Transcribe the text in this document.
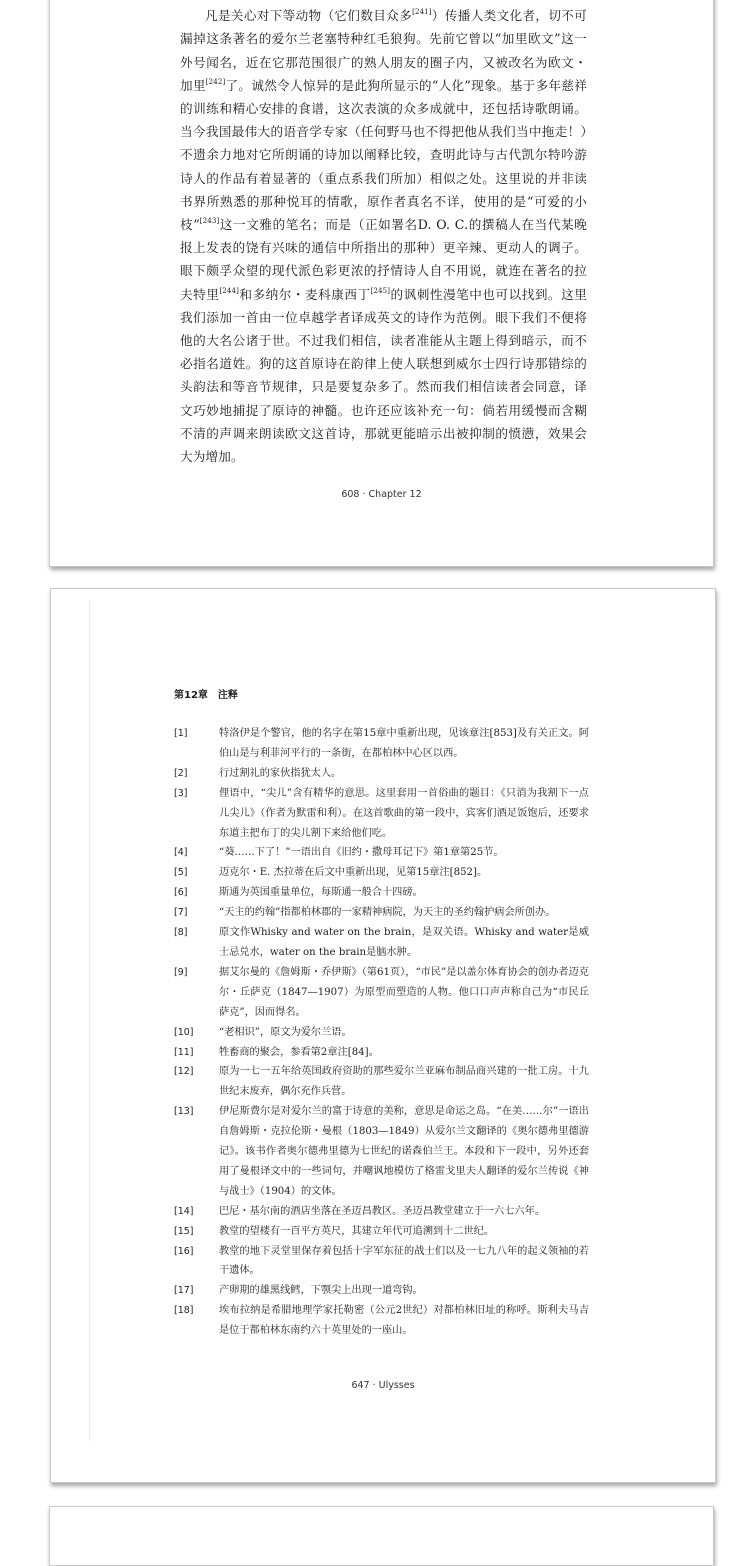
凡是关心对下等动物（它们数目众多[241]）传播人类文化者，切不可漏掉这条著名的爱尔兰老塞特种红毛狼狗。先前它曾以“加里欧文”这一外号闻名，近在它那范围很广的熟人朋友的圈子内，又被改名为欧文・加里[242]了。诚然令人惊异的是此狗所显示的“人化”现象。基于多年慈祥的训练和精心安排的食谱，这次表演的众多成就中，还包括诗歌朗诵。当今我国最伟大的语音学专家（任何野马也不得把他从我们当中拖走！）不遗余力地对它所朗诵的诗加以阐释比较，查明此诗与古代凯尔特吟游诗人的作品有着显著的（重点系我们所加）相似之处。这里说的并非读书界所熟悉的那种悦耳的情歌，原作者真名不详，使用的是“可爱的小枝”[243]这一文雅的笔名；而是（正如署名D. O. C.的撰稿人在当代某晚报上发表的饶有兴味的通信中所指出的那种）更辛辣、更动人的调子。眼下颇孚众望的现代派色彩更浓的抒情诗人自不用说，就连在著名的拉夫特里[244]和多纳尔・麦科康西丁[245]的讽刺性漫笔中也可以找到。这里我们添加一首由一位卓越学者译成英文的诗作为范例。眼下我们不便将他的大名公诸于世。不过我们相信，读者准能从主题上得到暗示，而不必指名道姓。狗的这首原诗在韵律上使人联想到威尔士四行诗那错综的头韵法和等音节规律，只是要复杂多了。然而我们相信读者会同意，译文巧妙地捕捉了原诗的神髓。也许还应该补充一句：倘若用缓慢而含糊不清的声调来朗读欧文这首诗，那就更能暗示出被抑制的愤懑，效果会大为增加。

608 · Chapter 12
第12章　注释
[1]	特洛伊是个警官，他的名字在第15章中重新出现，见该章注[853]及有关正文。阿伯山是与利菲河平行的一条街，在都柏林中心区以西。
[2]	行过割礼的家伙指犹太人。
[3]	俚语中，“尖儿”含有精华的意思。这里套用一首俗曲的题目：《只消为我割下一点儿尖儿》（作者为默雷和利）。在这首歌曲的第一段中，宾客们酒足饭饱后，还要求东道主把布丁的尖儿割下来给他们吃。
[4]	“葵……下了！”一语出自《旧约・撒母耳记下》第1章第25节。
[5]	迈克尔・E. 杰拉蒂在后文中重新出现，见第15章注[852]。
[6]	斯通为英国重量单位，每斯通一般合十四磅。
[7]	“天主的约翰”指都柏林郡的一家精神病院，为天主的圣约翰护病会所创办。
[8]	原文作Whisky and water on the brain，是双关语。Whisky and water是威士忌兑水，water on the brain是脑水肿。
[9]	据艾尔曼的《詹姆斯・乔伊斯》（第61页），“市民”是以盖尔体育协会的创办者迈克尔・丘萨克（1847—1907）为原型而塑造的人物。他口口声声称自己为“市民丘萨克”，因而得名。
[10]	“老相识”，原文为爱尔兰语。
[11]	牲畜商的聚会，参看第2章注[84]。
[12]	原为一七一五年给英国政府资助的那些爱尔兰亚麻布制品商兴建的一批工房。十九世纪末废弃，偶尔充作兵营。
[13]	伊尼斯费尔是对爱尔兰的富于诗意的美称，意思是命运之岛。“在美……尔”一语出自詹姆斯・克拉伦斯・曼根（1803—1849）从爱尔兰文翻译的《奥尔德弗里德游记》。该书作者奥尔德弗里德为七世纪的诺森伯兰王。本段和下一段中，另外还套用了曼根译文中的一些词句，并嘲讽地模仿了格雷戈里夫人翻译的爱尔兰传说《神与战士》（1904）的文体。
[14]	巴尼・基尔南的酒店坐落在圣迈昌教区。圣迈昌教堂建立于一六七六年。
[15]	教堂的望楼有一百平方英尺，其建立年代可追溯到十二世纪。
[16]	教堂的地下灵堂里保存着包括十字军东征的战士们以及一七九八年的起义领袖的若干遗体。
[17]	产卵期的雄黑线鳕，下颚尖上出现一道弯钩。
[18]	埃布拉纳是希腊地理学家托勒密（公元2世纪）对都柏林旧址的称呼。斯利夫马吉是位于都柏林东南约六十英里处的一座山。
647 · Ulysses
